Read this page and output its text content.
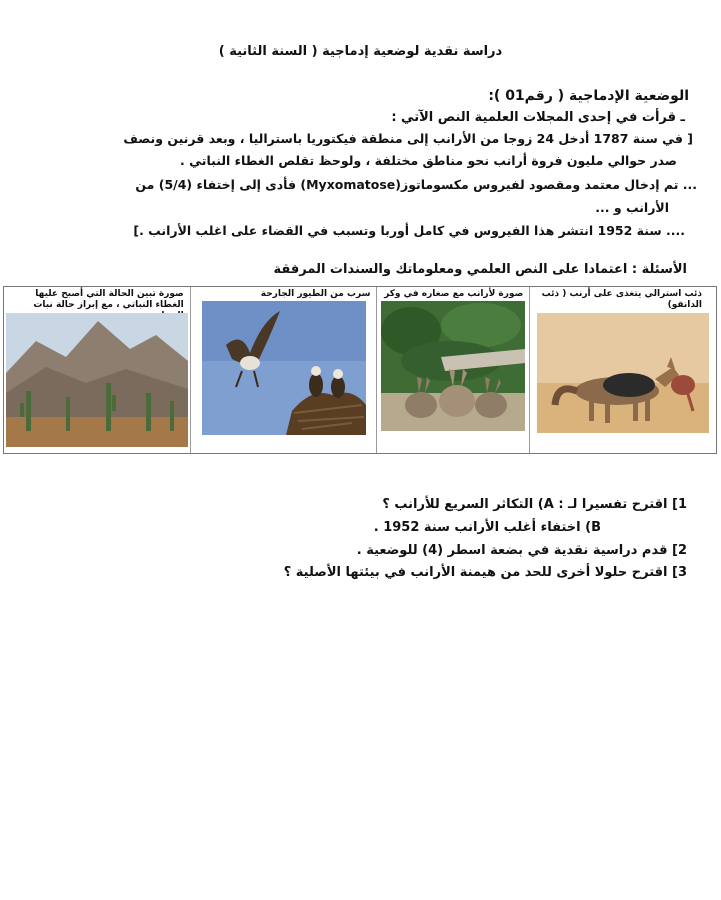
دراسة نقدية لوضعية إدماجية ( السنة الثانية )
الوضعية الإدماجية ( رقم01 ):
ـ قرأت في إحدى المجلات العلمية النص الآتي :
[ في سنة 1787 أدخل 24 زوجا من الأرانب إلى منطقة فيكتوريا باستراليا ، وبعد قرنين ونصف
صدر حوالي مليون فروة أرانب نحو مناطق مختلفة ، ولوحظ تقلص الغطاء النباتي .
... تم إدخال معتمد ومقصود لفيروس مكسوماتوز(Myxomatose) فأدى إلى إختفاء (5/4) من
الأرانب و ...
.... سنة 1952 انتشر هذا الفيروس في كامل أوربا وتسبب في القضاء على اغلب الأرانب .]
الأسئلة : اعتمادا على النص العلمي ومعلوماتك والسندات المرفقة
ذئب استرالي يتغذى على أرنب ( ذئب الدانقو)
صورة لأرانب مع صغاره في وكر
سرب من الطيور الجارحة
صورة تبين الحالة التي أصبح عليها الغطاء النباتي ، مع إبراز حالة نبات
1] اقترح تفسيرا لـ : A) التكاثر السريع للأرانب ؟
B) اختفاء أغلب الأرانب سنة 1952 .
2] قدم دراسية نقدية في بضعة اسطر (4) للوضعية .
3] اقترح حلولا أخرى للحد من هيمنة الأرانب في بيئتها الأصلية ؟
